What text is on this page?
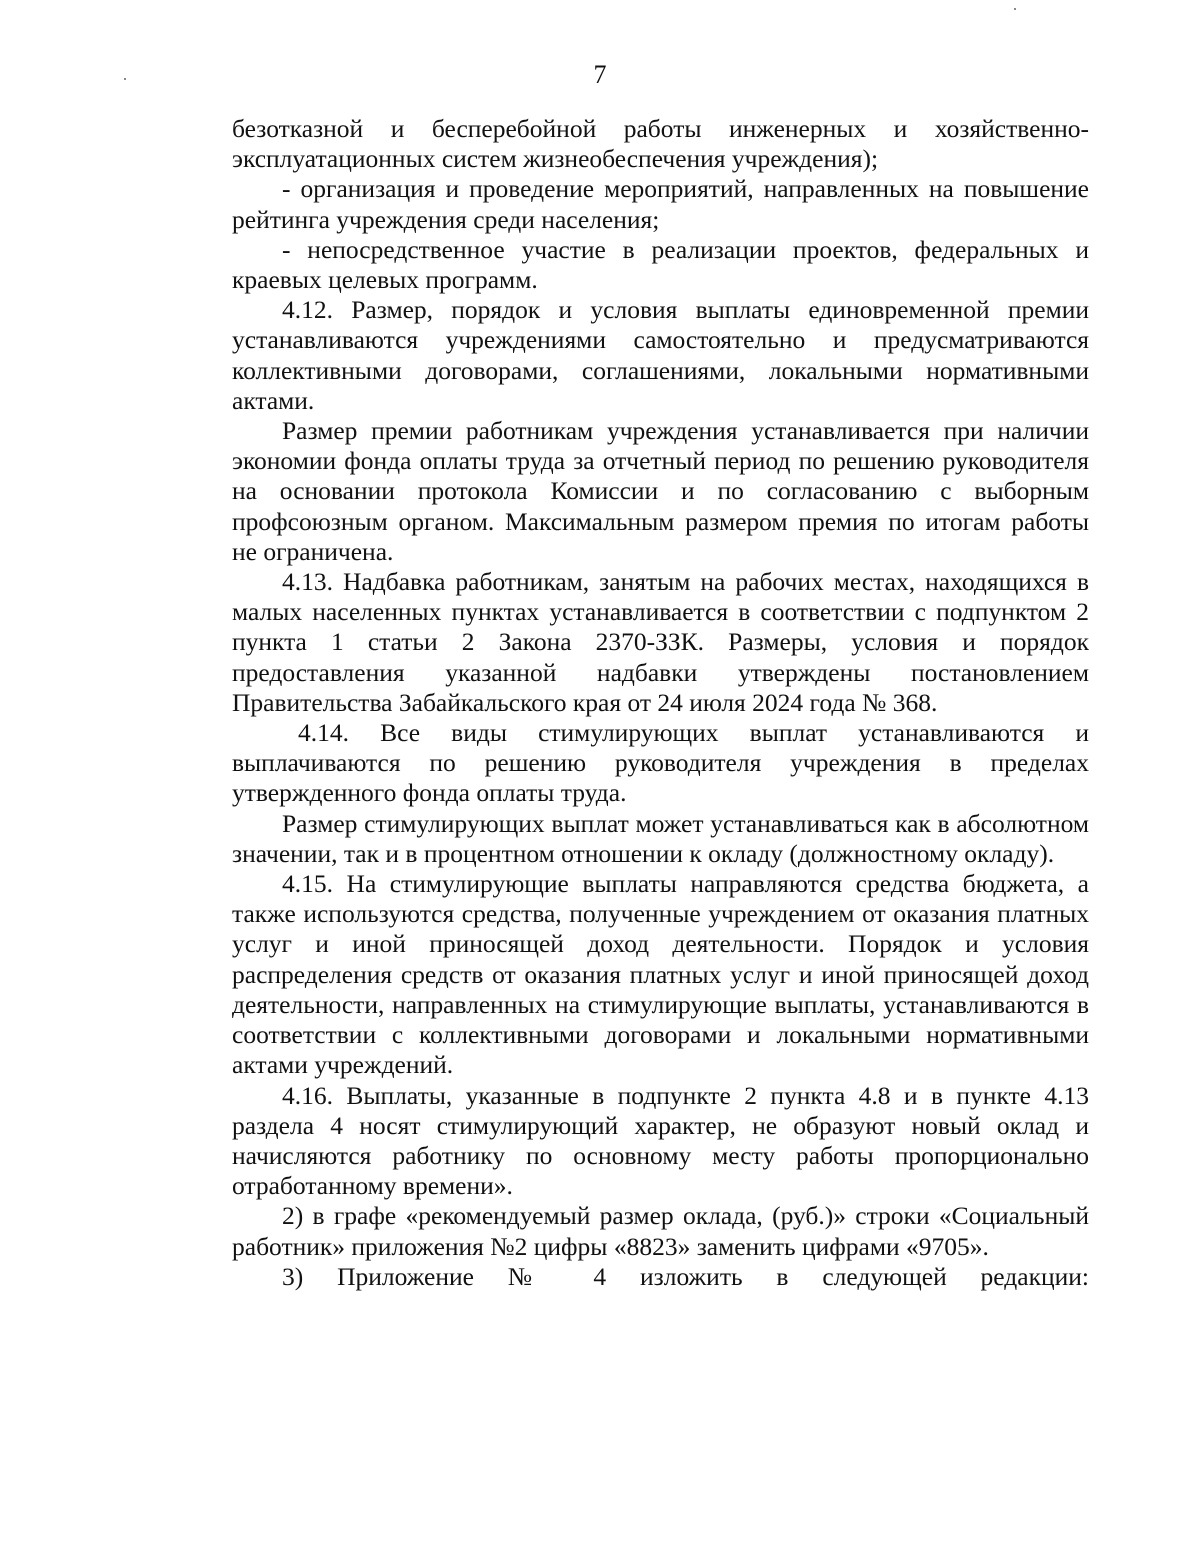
7

безотказной и бесперебойной работы инженерных и хозяйственно-эксплуатационных систем жизнеобеспечения учреждения);

- организация и проведение мероприятий, направленных на повышение рейтинга учреждения среди населения;

- непосредственное участие в реализации проектов, федеральных и краевых целевых программ.

4.12. Размер, порядок и условия выплаты единовременной премии устанавливаются учреждениями самостоятельно и предусматриваются коллективными договорами, соглашениями, локальными нормативными актами.

Размер премии работникам учреждения устанавливается при наличии экономии фонда оплаты труда за отчетный период по решению руководителя на основании протокола Комиссии и по согласованию с выборным профсоюзным органом. Максимальным размером премия по итогам работы не ограничена.

4.13. Надбавка работникам, занятым на рабочих местах, находящихся в малых населенных пунктах устанавливается в соответствии с подпунктом 2 пункта 1 статьи 2 Закона 2370-ЗЗК. Размеры, условия и порядок предоставления указанной надбавки утверждены постановлением Правительства Забайкальского края от 24 июля 2024 года № 368.

4.14. Все виды стимулирующих выплат устанавливаются и выплачиваются по решению руководителя учреждения в пределах утвержденного фонда оплаты труда.

Размер стимулирующих выплат может устанавливаться как в абсолютном значении, так и в процентном отношении к окладу (должностному окладу).

4.15. На стимулирующие выплаты направляются средства бюджета, а также используются средства, полученные учреждением от оказания платных услуг и иной приносящей доход деятельности. Порядок и условия распределения средств от оказания платных услуг и иной приносящей доход деятельности, направленных на стимулирующие выплаты, устанавливаются в соответствии с коллективными договорами и локальными нормативными актами учреждений.

4.16. Выплаты, указанные в подпункте 2 пункта 4.8 и в пункте 4.13 раздела 4 носят стимулирующий характер, не образуют новый оклад и начисляются работнику по основному месту работы пропорционально отработанному времени».

2) в графе «рекомендуемый размер оклада, (руб.)» строки «Социальный работник» приложения №2 цифры «8823» заменить цифрами «9705».

3) Приложение № 4 изложить в следующей редакции:
